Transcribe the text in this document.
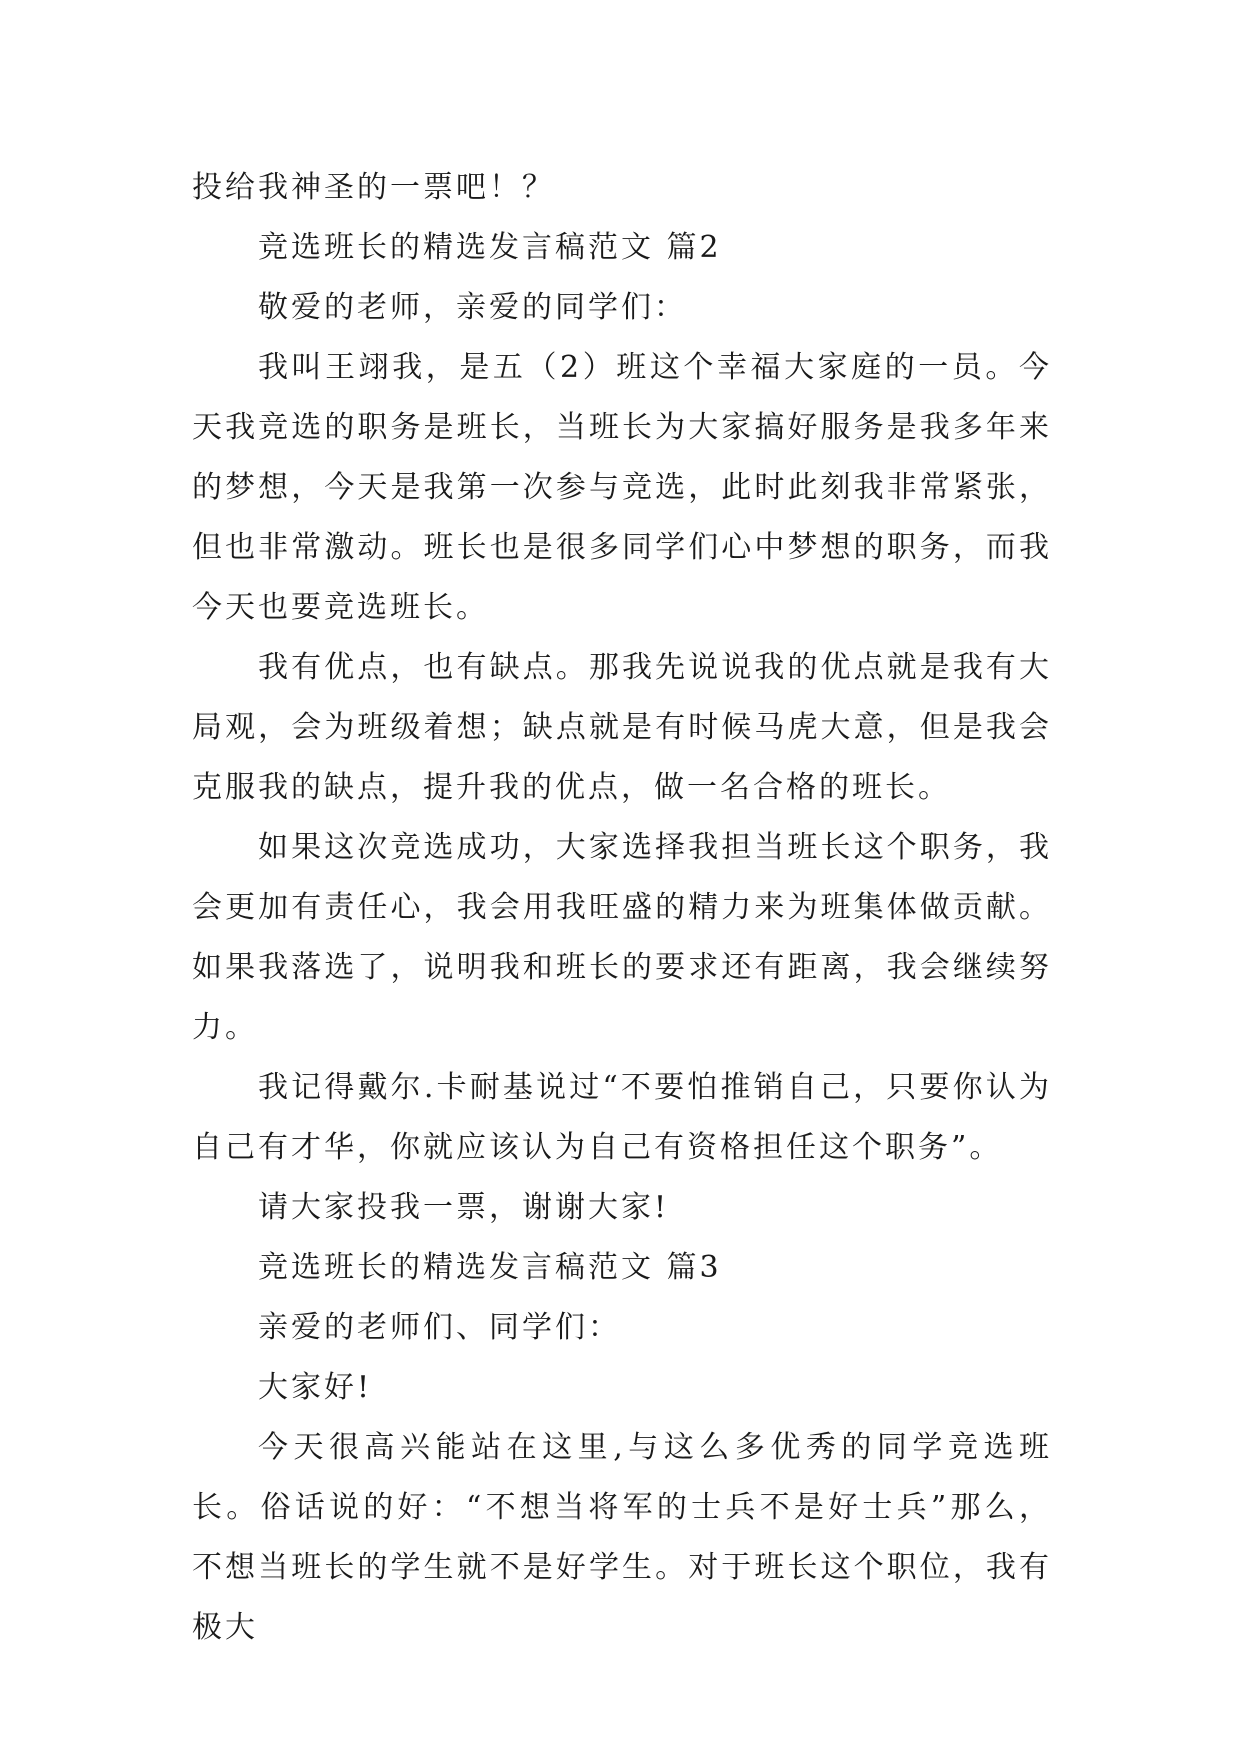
投给我神圣的一票吧！？

竞选班长的精选发言稿范文 篇2

敬爱的老师，亲爱的同学们：

我叫王翊我，是五（2）班这个幸福大家庭的一员。今天我竞选的职务是班长，当班长为大家搞好服务是我多年来的梦想，今天是我第一次参与竞选，此时此刻我非常紧张，但也非常激动。班长也是很多同学们心中梦想的职务，而我今天也要竞选班长。

我有优点，也有缺点。那我先说说我的优点就是我有大局观，会为班级着想；缺点就是有时候马虎大意，但是我会克服我的缺点，提升我的优点，做一名合格的班长。

如果这次竞选成功，大家选择我担当班长这个职务，我会更加有责任心，我会用我旺盛的精力来为班集体做贡献。如果我落选了，说明我和班长的要求还有距离，我会继续努力。

我记得戴尔.卡耐基说过“不要怕推销自己，只要你认为自己有才华，你就应该认为自己有资格担任这个职务”。

请大家投我一票，谢谢大家!

竞选班长的精选发言稿范文 篇3

亲爱的老师们、同学们：

大家好!

今天很高兴能站在这里,与这么多优秀的同学竞选班长。俗话说的好：“不想当将军的士兵不是好士兵”那么，不想当班长的学生就不是好学生。对于班长这个职位，我有极大
